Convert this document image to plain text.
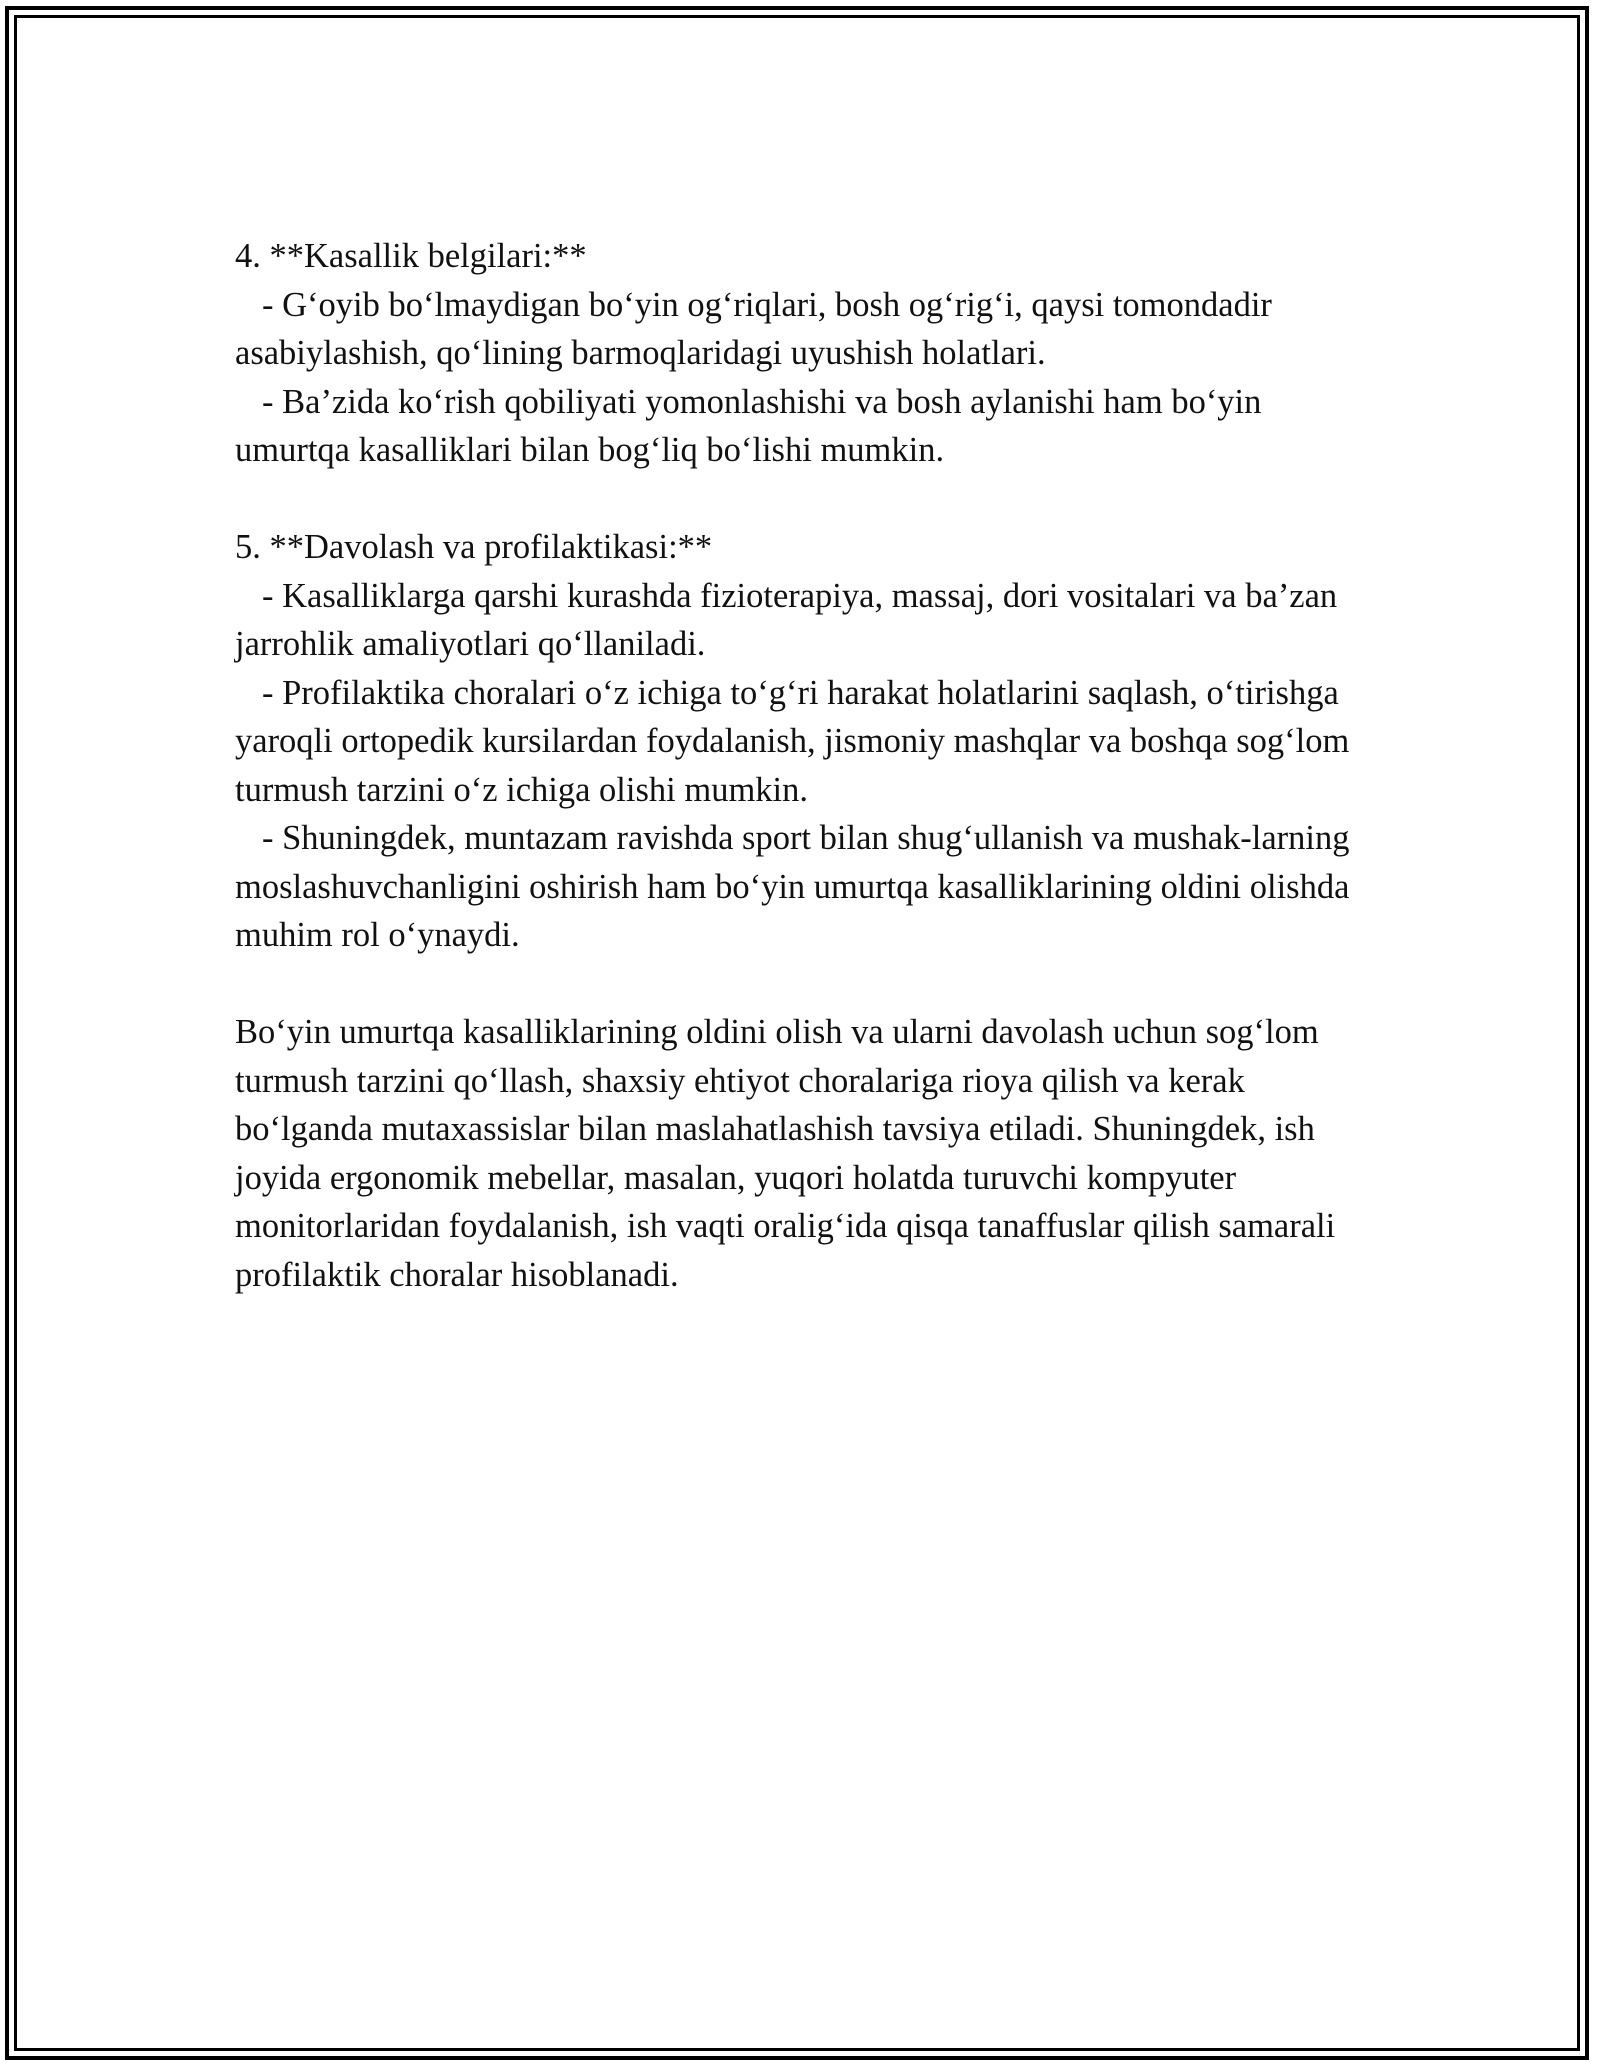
4. **Kasallik belgilari:**

- G‘oyib bo‘lmaydigan bo‘yin og‘riqlari, bosh og‘rig‘i, qaysi tomondadir asabiylashish, qo‘lining barmoqlaridagi uyushish holatlari.

- Ba’zida ko‘rish qobiliyati yomonlashishi va bosh aylanishi ham bo‘yin umurtqa kasalliklari bilan bog‘liq bo‘lishi mumkin.

5. **Davolash va profilaktikasi:**

- Kasalliklarga qarshi kurashda fizioterapiya, massaj, dori vositalari va ba’zan jarrohlik amaliyotlari qo‘llaniladi.

- Profilaktika choralari o‘z ichiga to‘g‘ri harakat holatlarini saqlash, o‘tirishga yaroqli ortopedik kursilardan foydalanish, jismoniy mashqlar va boshqa sog‘lom turmush tarzini o‘z ichiga olishi mumkin.

- Shuningdek, muntazam ravishda sport bilan shug‘ullanish va mushak-larning moslashuvchanligini oshirish ham bo‘yin umurtqa kasalliklarining oldini olishda muhim rol o‘ynaydi.

Bo‘yin umurtqa kasalliklarining oldini olish va ularni davolash uchun sog‘lom turmush tarzini qo‘llash, shaxsiy ehtiyot choralariga rioya qilish va kerak bo‘lganda mutaxassislar bilan maslahatlashish tavsiya etiladi. Shuningdek, ish joyida ergonomik mebellar, masalan, yuqori holatda turuvchi kompyuter monitorlaridan foydalanish, ish vaqti oralig‘ida qisqa tanaffuslar qilish samarali profilaktik choralar hisoblanadi.
